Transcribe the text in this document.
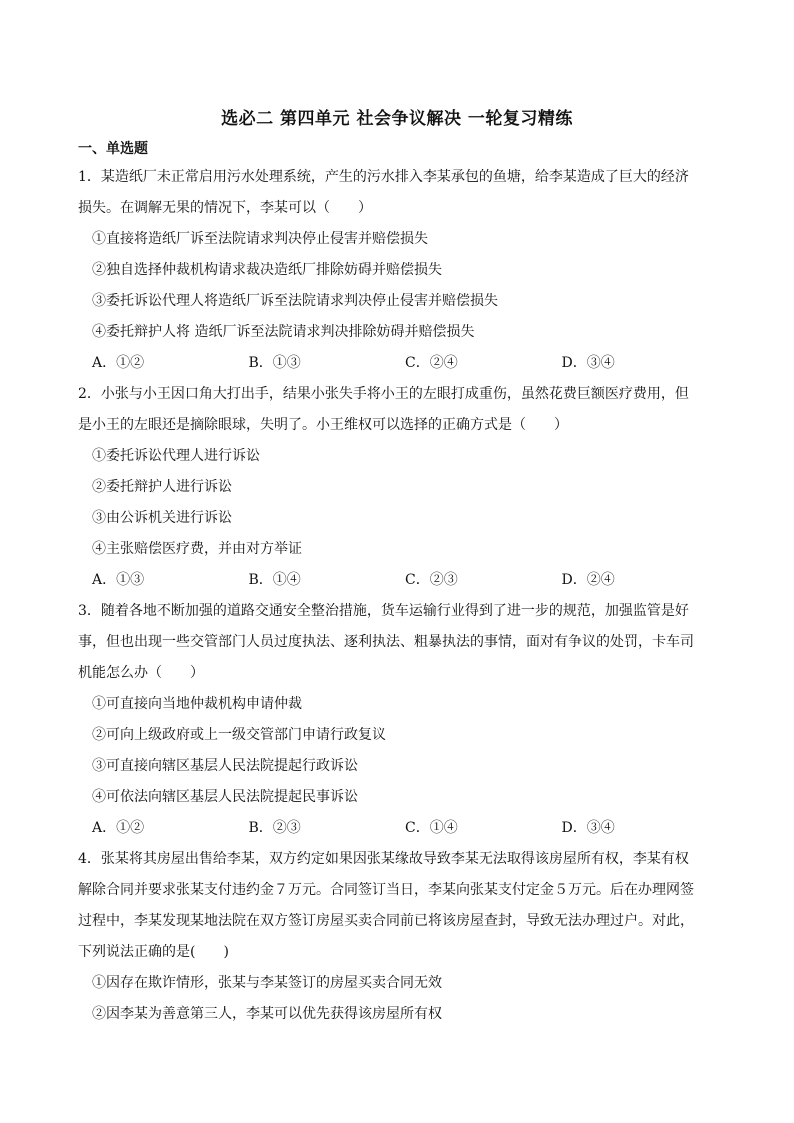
选必二 第四单元 社会争议解决 一轮复习精练
一、单选题
1．某造纸厂未正常启用污水处理系统，产生的污水排入李某承包的鱼塘，给李某造成了巨大的经济
损失。在调解无果的情况下，李某可以（　　）
①直接将造纸厂诉至法院请求判决停止侵害并赔偿损失
②独自选择仲裁机构请求裁决造纸厂排除妨碍并赔偿损失
③委托诉讼代理人将造纸厂诉至法院请求判决停止侵害并赔偿损失
④委托辩护人将 造纸厂诉至法院请求判决排除妨碍并赔偿损失
A．①②	B．①③	C．②④	D．③④
2．小张与小王因口角大打出手，结果小张失手将小王的左眼打成重伤，虽然花费巨额医疗费用，但
是小王的左眼还是摘除眼球，失明了。小王维权可以选择的正确方式是（　　）
①委托诉讼代理人进行诉讼
②委托辩护人进行诉讼
③由公诉机关进行诉讼
④主张赔偿医疗费，并由对方举证
A．①③	B．①④	C．②③	D．②④
3．随着各地不断加强的道路交通安全整治措施，货车运输行业得到了进一步的规范，加强监管是好
事，但也出现一些交管部门人员过度执法、逐利执法、粗暴执法的事情，面对有争议的处罚，卡车司
机能怎么办（　　）
①可直接向当地仲裁机构申请仲裁
②可向上级政府或上一级交管部门申请行政复议
③可直接向辖区基层人民法院提起行政诉讼
④可依法向辖区基层人民法院提起民事诉讼
A．①②	B．②③	C．①④	D．③④
4．张某将其房屋出售给李某，双方约定如果因张某缘故导致李某无法取得该房屋所有权，李某有权
解除合同并要求张某支付违约金７万元。合同签订当日，李某向张某支付定金５万元。后在办理网签
过程中，李某发现某地法院在双方签订房屋买卖合同前已将该房屋查封，导致无法办理过户。对此，
下列说法正确的是(　　)
①因存在欺诈情形，张某与李某签订的房屋买卖合同无效
②因李某为善意第三人，李某可以优先获得该房屋所有权
